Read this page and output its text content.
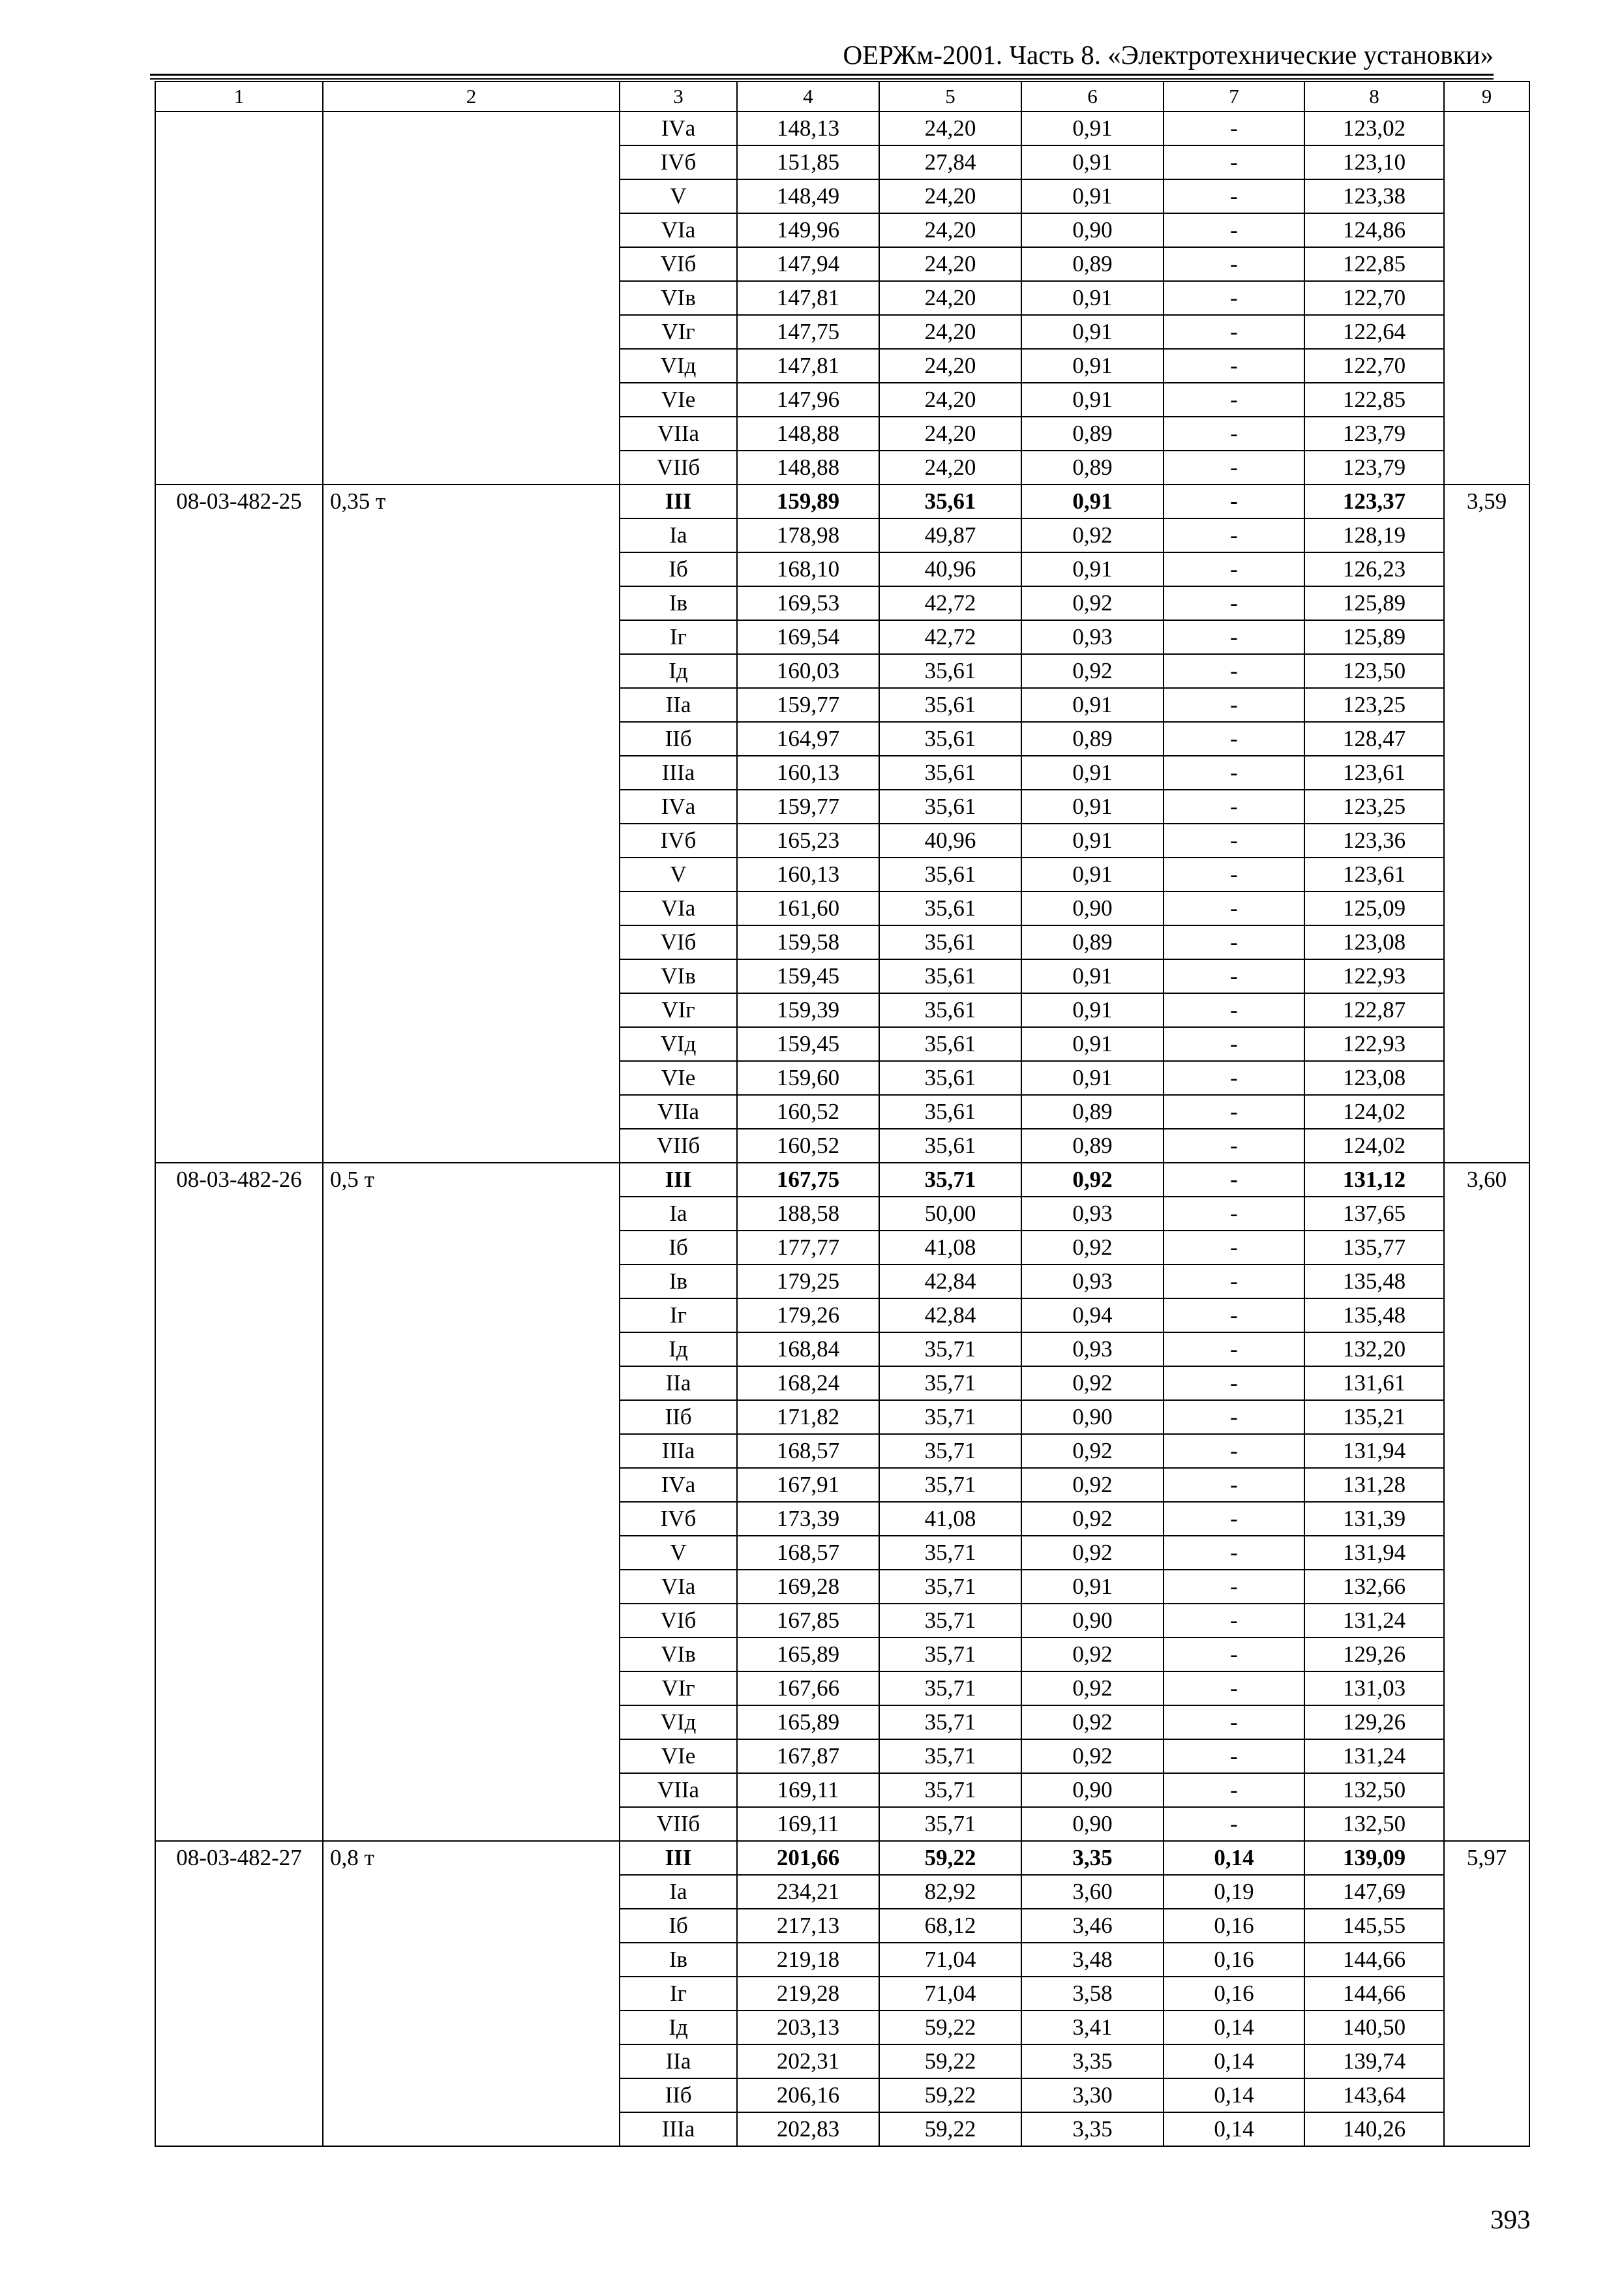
ОЕРЖм-2001. Часть 8. «Электротехнические установки»
1	2	3	4	5	6	7	8	9
		IVа	148,13	24,20	0,91	-	123,02	
		IVб	151,85	27,84	0,91	-	123,10	
		V	148,49	24,20	0,91	-	123,38	
		VIа	149,96	24,20	0,90	-	124,86	
		VIб	147,94	24,20	0,89	-	122,85	
		VIв	147,81	24,20	0,91	-	122,70	
		VIг	147,75	24,20	0,91	-	122,64	
		VIд	147,81	24,20	0,91	-	122,70	
		VIе	147,96	24,20	0,91	-	122,85	
		VIIа	148,88	24,20	0,89	-	123,79	
		VIIб	148,88	24,20	0,89	-	123,79	
08-03-482-25	0,35 т	III	159,89	35,61	0,91	-	123,37	3,59
		Iа	178,98	49,87	0,92	-	128,19	
		Iб	168,10	40,96	0,91	-	126,23	
		Iв	169,53	42,72	0,92	-	125,89	
		Iг	169,54	42,72	0,93	-	125,89	
		Iд	160,03	35,61	0,92	-	123,50	
		IIа	159,77	35,61	0,91	-	123,25	
		IIб	164,97	35,61	0,89	-	128,47	
		IIIа	160,13	35,61	0,91	-	123,61	
		IVа	159,77	35,61	0,91	-	123,25	
		IVб	165,23	40,96	0,91	-	123,36	
		V	160,13	35,61	0,91	-	123,61	
		VIа	161,60	35,61	0,90	-	125,09	
		VIб	159,58	35,61	0,89	-	123,08	
		VIв	159,45	35,61	0,91	-	122,93	
		VIг	159,39	35,61	0,91	-	122,87	
		VIд	159,45	35,61	0,91	-	122,93	
		VIе	159,60	35,61	0,91	-	123,08	
		VIIа	160,52	35,61	0,89	-	124,02	
		VIIб	160,52	35,61	0,89	-	124,02	
08-03-482-26	0,5 т	III	167,75	35,71	0,92	-	131,12	3,60
		Iа	188,58	50,00	0,93	-	137,65	
		Iб	177,77	41,08	0,92	-	135,77	
		Iв	179,25	42,84	0,93	-	135,48	
		Iг	179,26	42,84	0,94	-	135,48	
		Iд	168,84	35,71	0,93	-	132,20	
		IIа	168,24	35,71	0,92	-	131,61	
		IIб	171,82	35,71	0,90	-	135,21	
		IIIа	168,57	35,71	0,92	-	131,94	
		IVа	167,91	35,71	0,92	-	131,28	
		IVб	173,39	41,08	0,92	-	131,39	
		V	168,57	35,71	0,92	-	131,94	
		VIа	169,28	35,71	0,91	-	132,66	
		VIб	167,85	35,71	0,90	-	131,24	
		VIв	165,89	35,71	0,92	-	129,26	
		VIг	167,66	35,71	0,92	-	131,03	
		VIд	165,89	35,71	0,92	-	129,26	
		VIе	167,87	35,71	0,92	-	131,24	
		VIIа	169,11	35,71	0,90	-	132,50	
		VIIб	169,11	35,71	0,90	-	132,50	
08-03-482-27	0,8 т	III	201,66	59,22	3,35	0,14	139,09	5,97
		Iа	234,21	82,92	3,60	0,19	147,69	
		Iб	217,13	68,12	3,46	0,16	145,55	
		Iв	219,18	71,04	3,48	0,16	144,66	
		Iг	219,28	71,04	3,58	0,16	144,66	
		Iд	203,13	59,22	3,41	0,14	140,50	
		IIа	202,31	59,22	3,35	0,14	139,74	
		IIб	206,16	59,22	3,30	0,14	143,64	
		IIIа	202,83	59,22	3,35	0,14	140,26	
393
